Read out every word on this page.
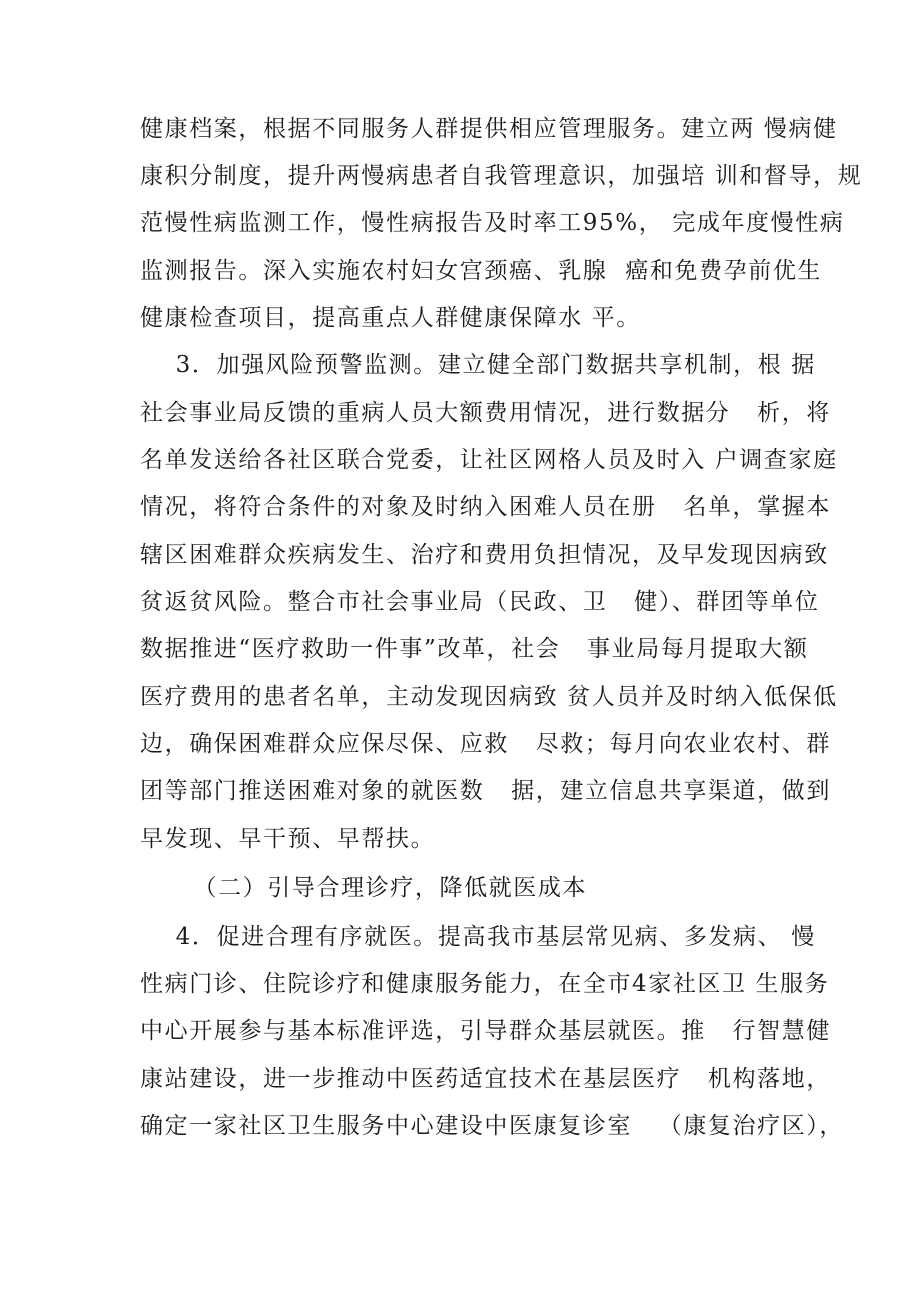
健康档案，根据不同服务人群提供相应管理服务。建立两 慢病健
康积分制度，提升两慢病患者自我管理意识，加强培 训和督导，规
范慢性病监测工作，慢性病报告及时率工95%， 完成年度慢性病
监测报告。深入实施农村妇女宫颈癌、乳腺  癌和免费孕前优生
健康检查项目，提高重点人群健康保障水 平。
3．加强风险预警监测。建立健全部门数据共享机制，根 据
社会事业局反馈的重病人员大额费用情况，进行数据分   析，将
名单发送给各社区联合党委，让社区网格人员及时入 户调查家庭
情况，将符合条件的对象及时纳入困难人员在册   名单，掌握本
辖区困难群众疾病发生、治疗和费用负担情况，及早发现因病致
贫返贫风险。整合市社会事业局（民政、卫   健）、群团等单位
数据推进“医疗救助一件事”改革，社会   事业局每月提取大额
医疗费用的患者名单，主动发现因病致 贫人员并及时纳入低保低
边，确保困难群众应保尽保、应救   尽救；每月向农业农村、群
团等部门推送困难对象的就医数   据，建立信息共享渠道，做到
早发现、早干预、早帮扶。
（二）引导合理诊疗，降低就医成本
4．促进合理有序就医。提高我市基层常见病、多发病、 慢
性病门诊、住院诊疗和健康服务能力，在全市4家社区卫 生服务
中心开展参与基本标准评选，引导群众基层就医。推   行智慧健
康站建设，进一步推动中医药适宜技术在基层医疗   机构落地，
确定一家社区卫生服务中心建设中医康复诊室   （康复治疗区），
